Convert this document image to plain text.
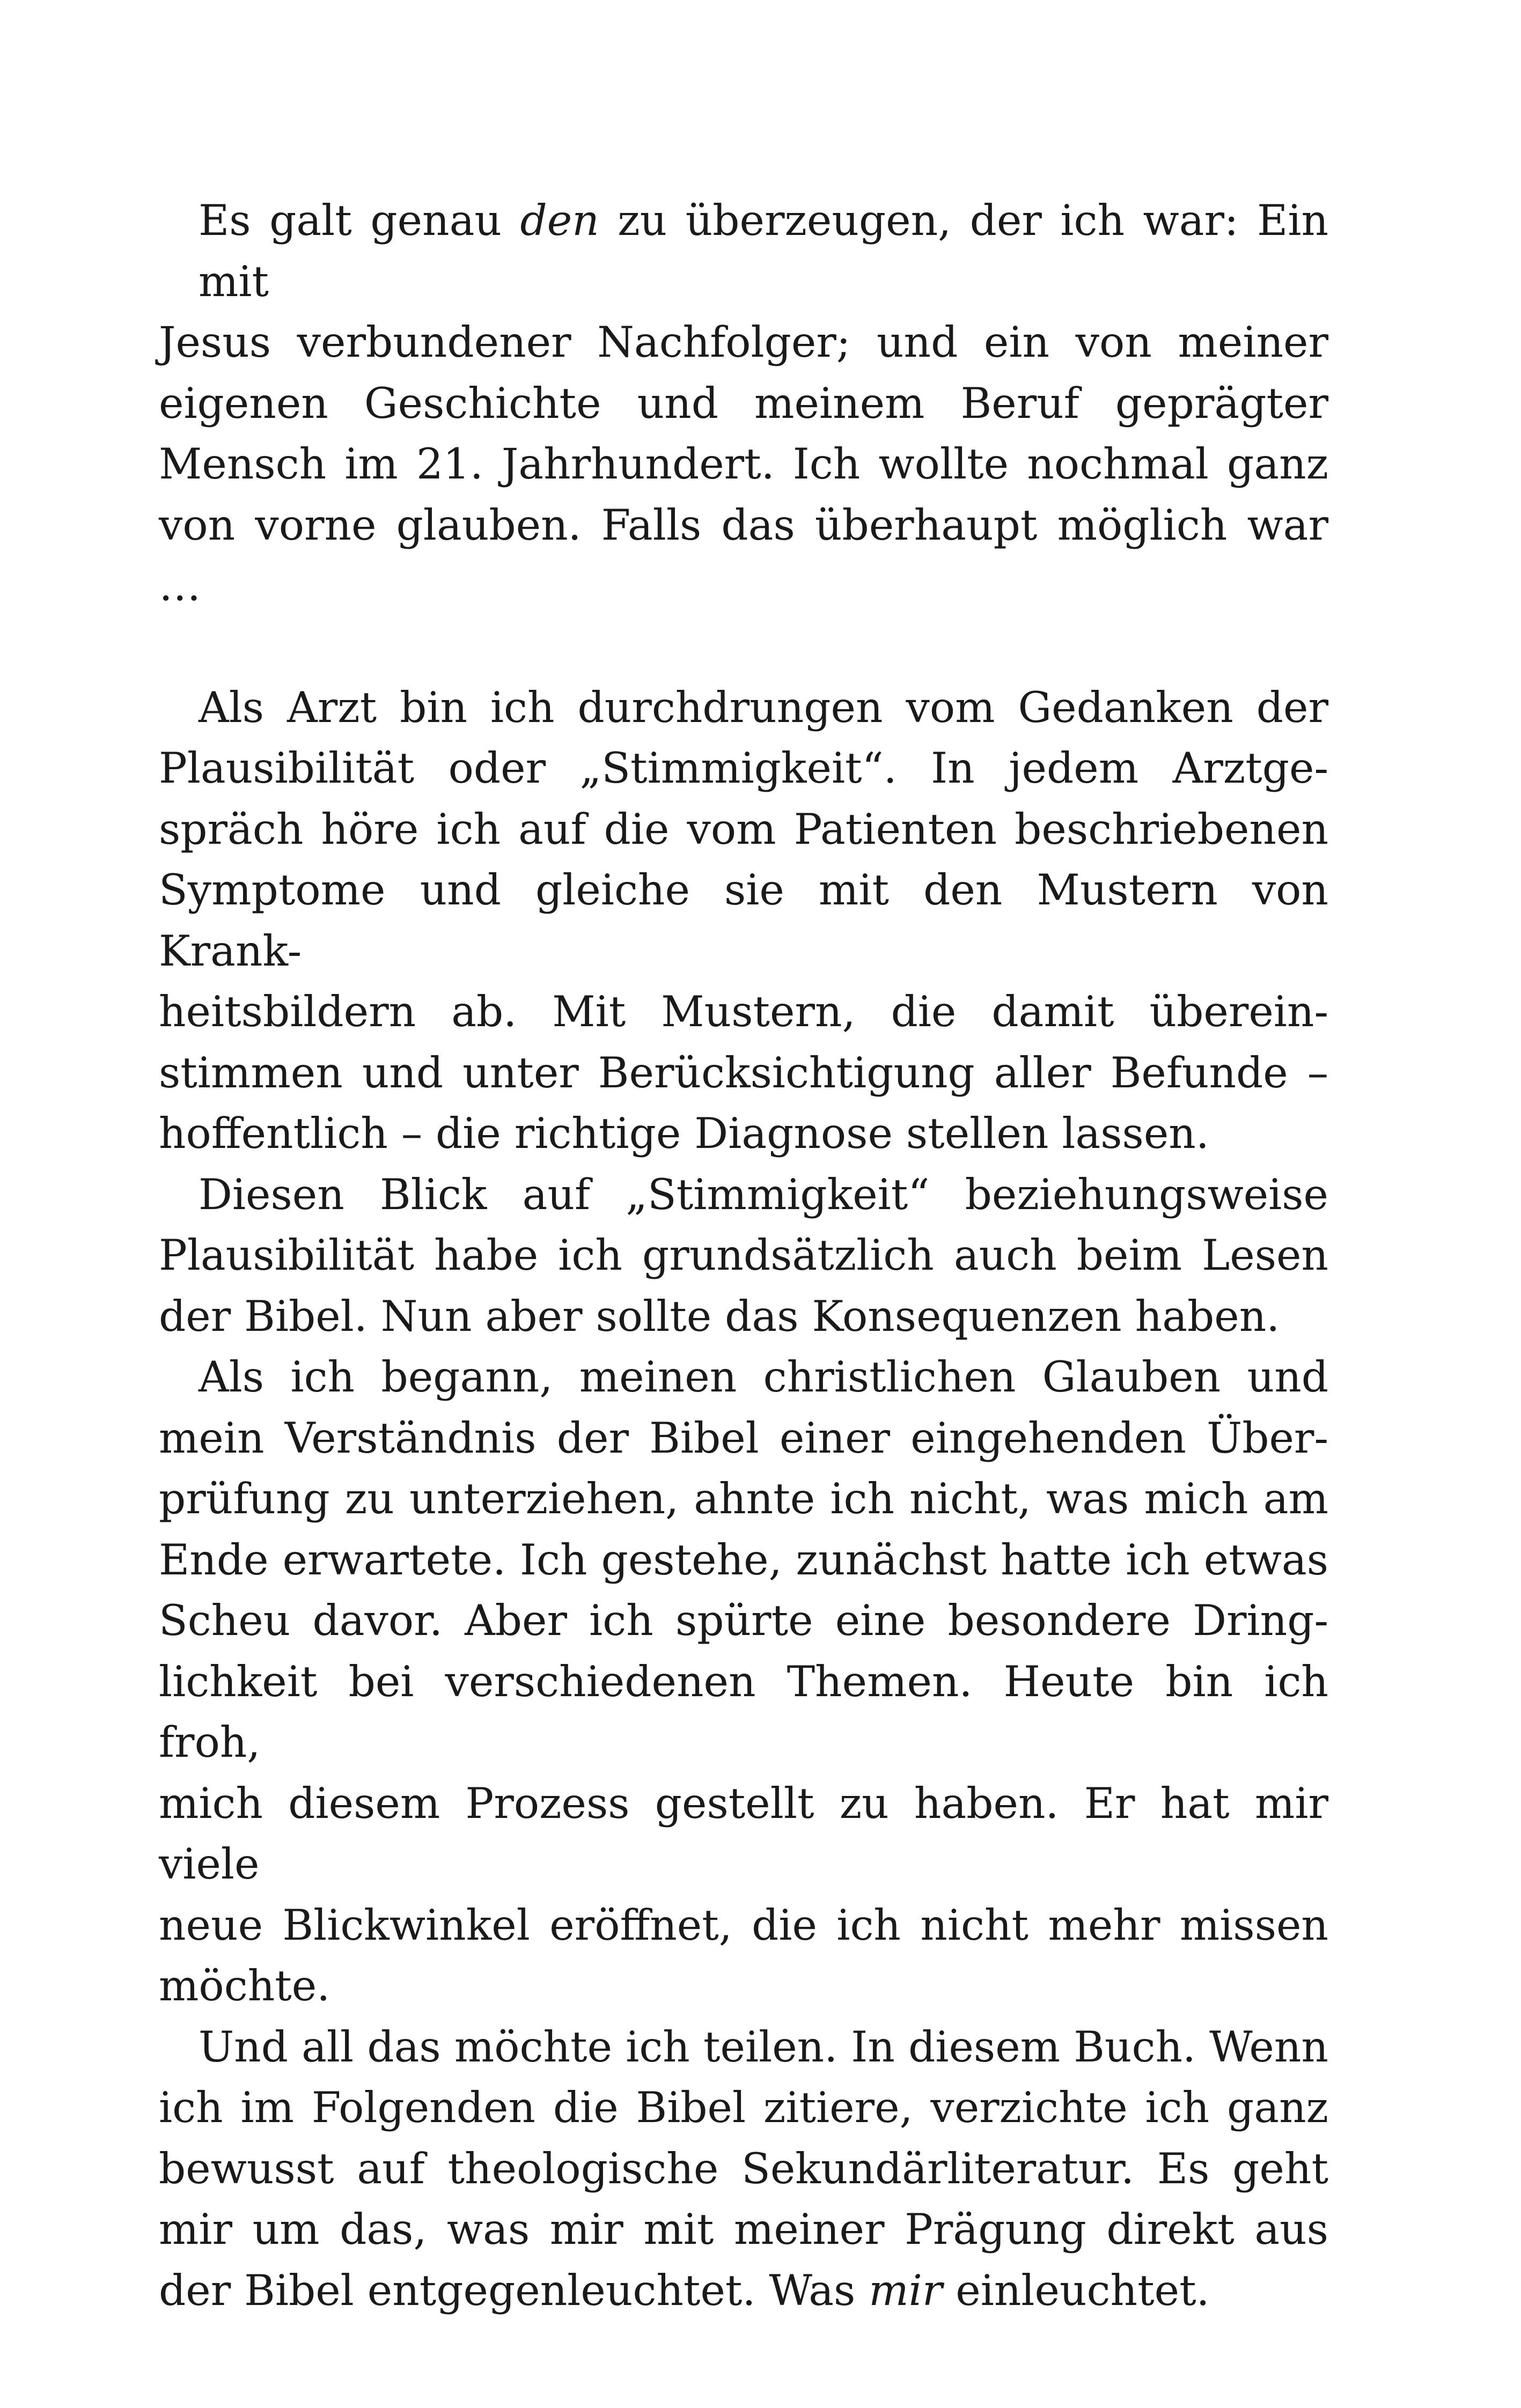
Es galt genau den zu überzeugen, der ich war: Ein mit
Jesus verbundener Nachfolger; und ein von meiner
eigenen Geschichte und meinem Beruf geprägter
Mensch im 21. Jahrhundert. Ich wollte nochmal ganz
von vorne glauben. Falls das überhaupt möglich war …

Als Arzt bin ich durchdrungen vom Gedanken der
Plausibilität oder „Stimmigkeit“. In jedem Arztge-
spräch höre ich auf die vom Patienten beschriebenen
Symptome und gleiche sie mit den Mustern von Krank-
heitsbildern ab. Mit Mustern, die damit überein-
stimmen und unter Berücksichtigung aller Befunde –
hoffentlich – die richtige Diagnose stellen lassen.

Diesen Blick auf „Stimmigkeit“ beziehungsweise
Plausibilität habe ich grundsätzlich auch beim Lesen
der Bibel. Nun aber sollte das Konsequenzen haben.

Als ich begann, meinen christlichen Glauben und
mein Verständnis der Bibel einer eingehenden Über-
prüfung zu unterziehen, ahnte ich nicht, was mich am
Ende erwartete. Ich gestehe, zunächst hatte ich etwas
Scheu davor. Aber ich spürte eine besondere Dring-
lichkeit bei verschiedenen Themen. Heute bin ich froh,
mich diesem Prozess gestellt zu haben. Er hat mir viele
neue Blickwinkel eröffnet, die ich nicht mehr missen
möchte.

Und all das möchte ich teilen. In diesem Buch. Wenn
ich im Folgenden die Bibel zitiere, verzichte ich ganz
bewusst auf theologische Sekundärliteratur. Es geht
mir um das, was mir mit meiner Prägung direkt aus
der Bibel entgegenleuchtet. Was mir einleuchtet.
